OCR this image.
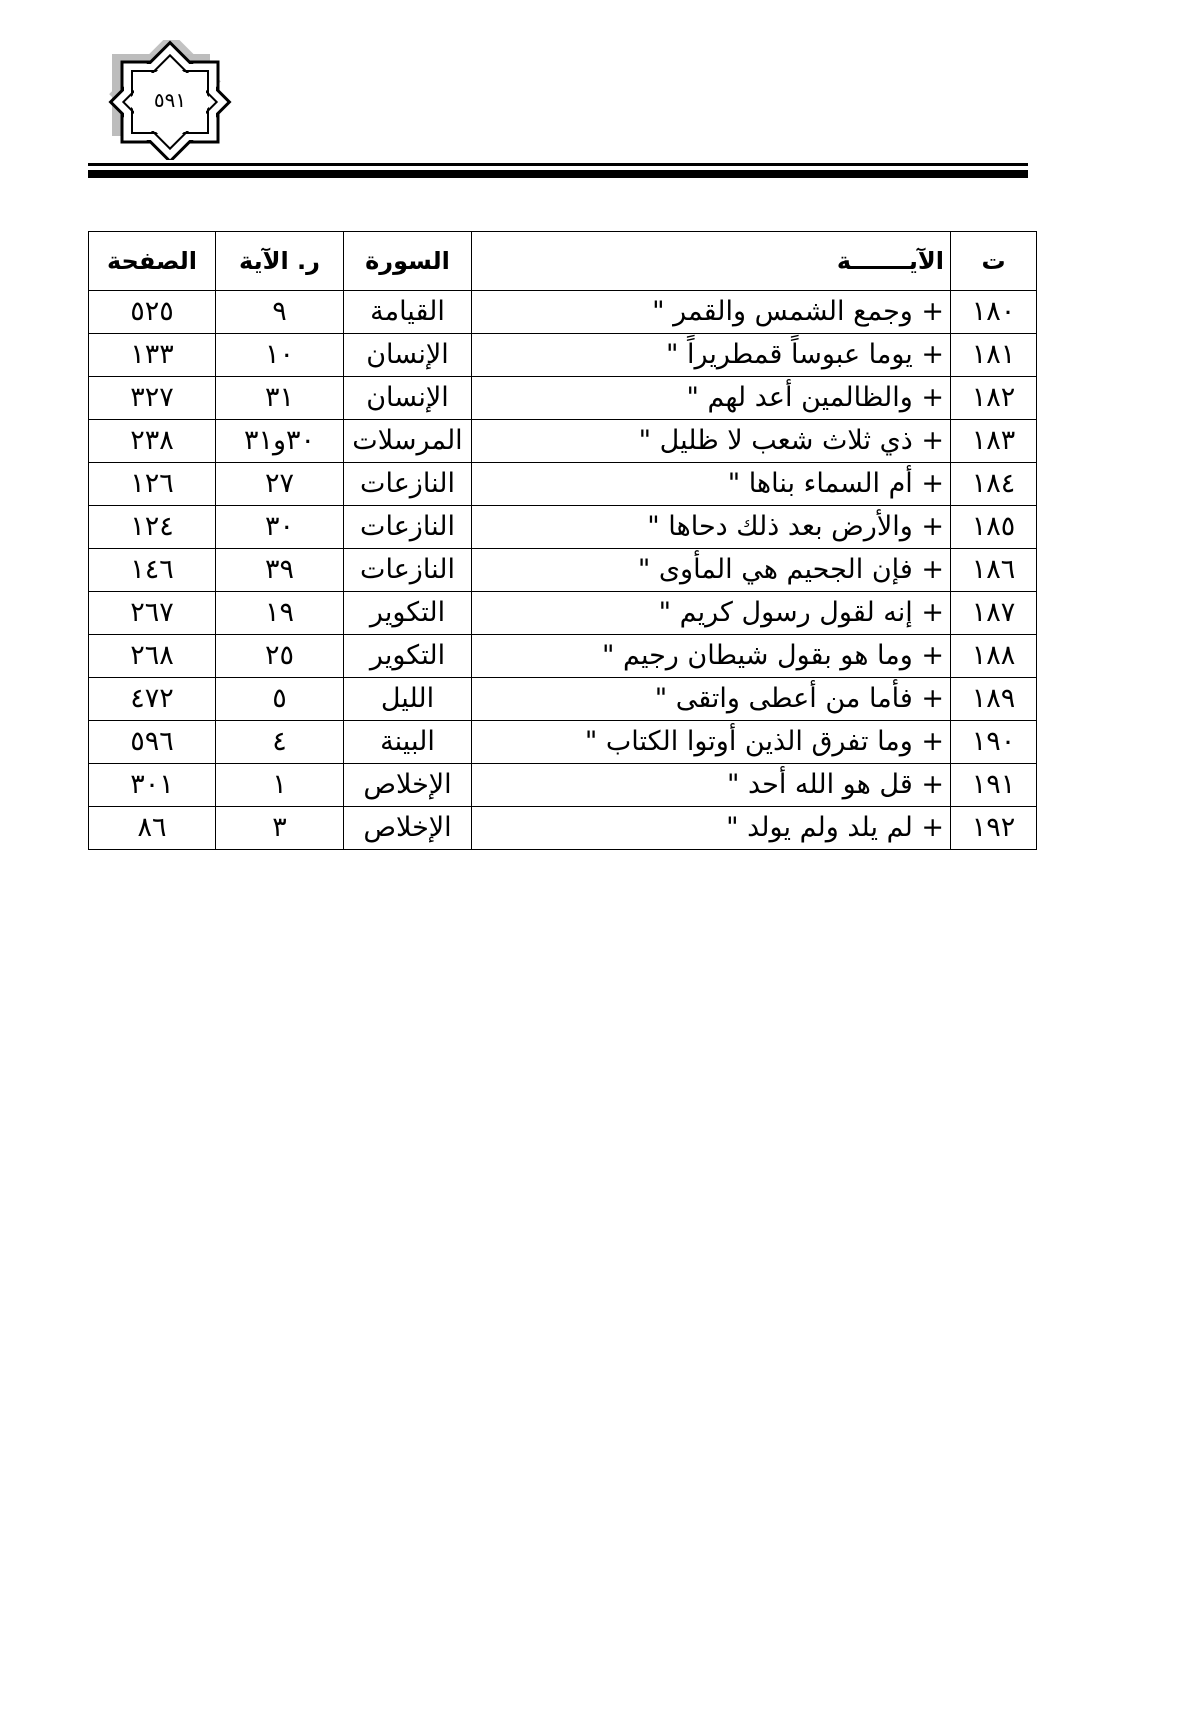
٥٩١
ت	الآيـــــــة	السورة	ر. الآية	الصفحة
١٨٠	+ وجمع الشمس والقمر "	القيامة	٩	٥٢٥
١٨١	+ يوما عبوساً قمطريراً "	الإنسان	١٠	١٣٣
١٨٢	+ والظالمين أعد لهم "	الإنسان	٣١	٣٢٧
١٨٣	+ ذي ثلاث شعب لا ظليل "	المرسلات	٣٠و٣١	٢٣٨
١٨٤	+ أم السماء بناها "	النازعات	٢٧	١٢٦
١٨٥	+ والأرض بعد ذلك دحاها "	النازعات	٣٠	١٢٤
١٨٦	+ فإن الجحيم هي المأوى "	النازعات	٣٩	١٤٦
١٨٧	+ إنه لقول رسول كريم "	التكوير	١٩	٢٦٧
١٨٨	+ وما هو بقول شيطان رجيم "	التكوير	٢٥	٢٦٨
١٨٩	+ فأما من أعطى واتقى "	الليل	٥	٤٧٢
١٩٠	+ وما تفرق الذين أوتوا الكتاب "	البينة	٤	٥٩٦
١٩١	+ قل هو الله أحد "	الإخلاص	١	٣٠١
١٩٢	+ لم يلد ولم يولد "	الإخلاص	٣	٨٦
